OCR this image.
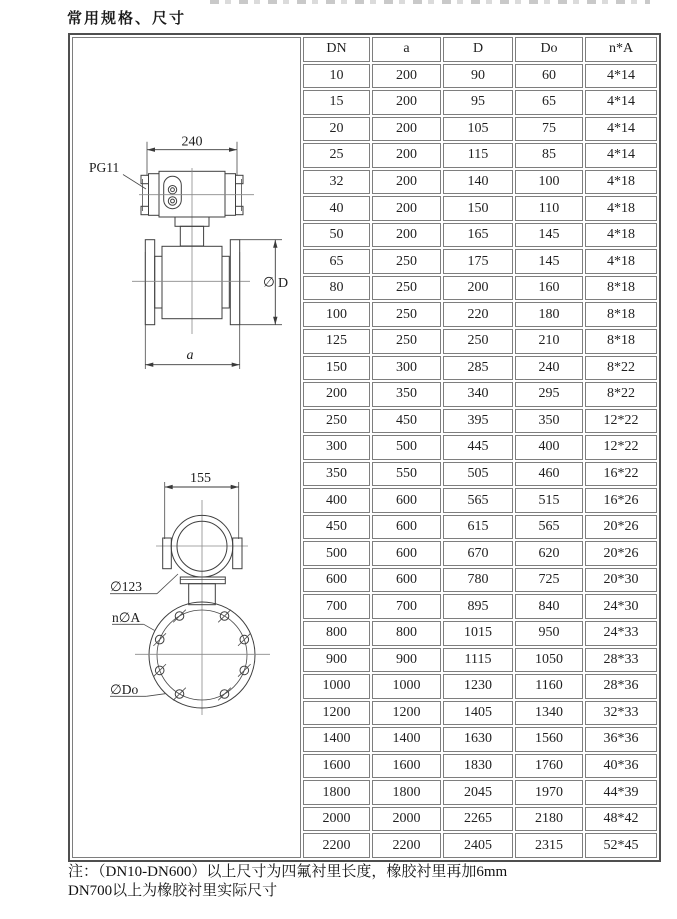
常用规格、尺寸
240
PG11
∅ D
a
155
∅123
n∅A
∅Do
	DN	a	D	Do	n*A
	10	200	90	60	4*14
	15	200	95	65	4*14
	20	200	105	75	4*14
	25	200	115	85	4*14
	32	200	140	100	4*18
	40	200	150	110	4*18
	50	200	165	145	4*18
	65	250	175	145	4*18
	80	250	200	160	8*18
	100	250	220	180	8*18
	125	250	250	210	8*18
	150	300	285	240	8*22
	200	350	340	295	8*22
	250	450	395	350	12*22
	300	500	445	400	12*22
	350	550	505	460	16*22
	400	600	565	515	16*26
	450	600	615	565	20*26
	500	600	670	620	20*26
	600	600	780	725	20*30
	700	700	895	840	24*30
	800	800	1015	950	24*33
	900	900	1115	1050	28*33
	1000	1000	1230	1160	28*36
	1200	1200	1405	1340	32*33
	1400	1400	1630	1560	36*36
	1600	1600	1830	1760	40*36
	1800	1800	2045	1970	44*39
	2000	2000	2265	2180	48*42
	2200	2200	2405	2315	52*45
注：（DN10-DN600）以上尺寸为四氟衬里长度，橡胶衬里再加6mm
DN700以上为橡胶衬里实际尺寸
